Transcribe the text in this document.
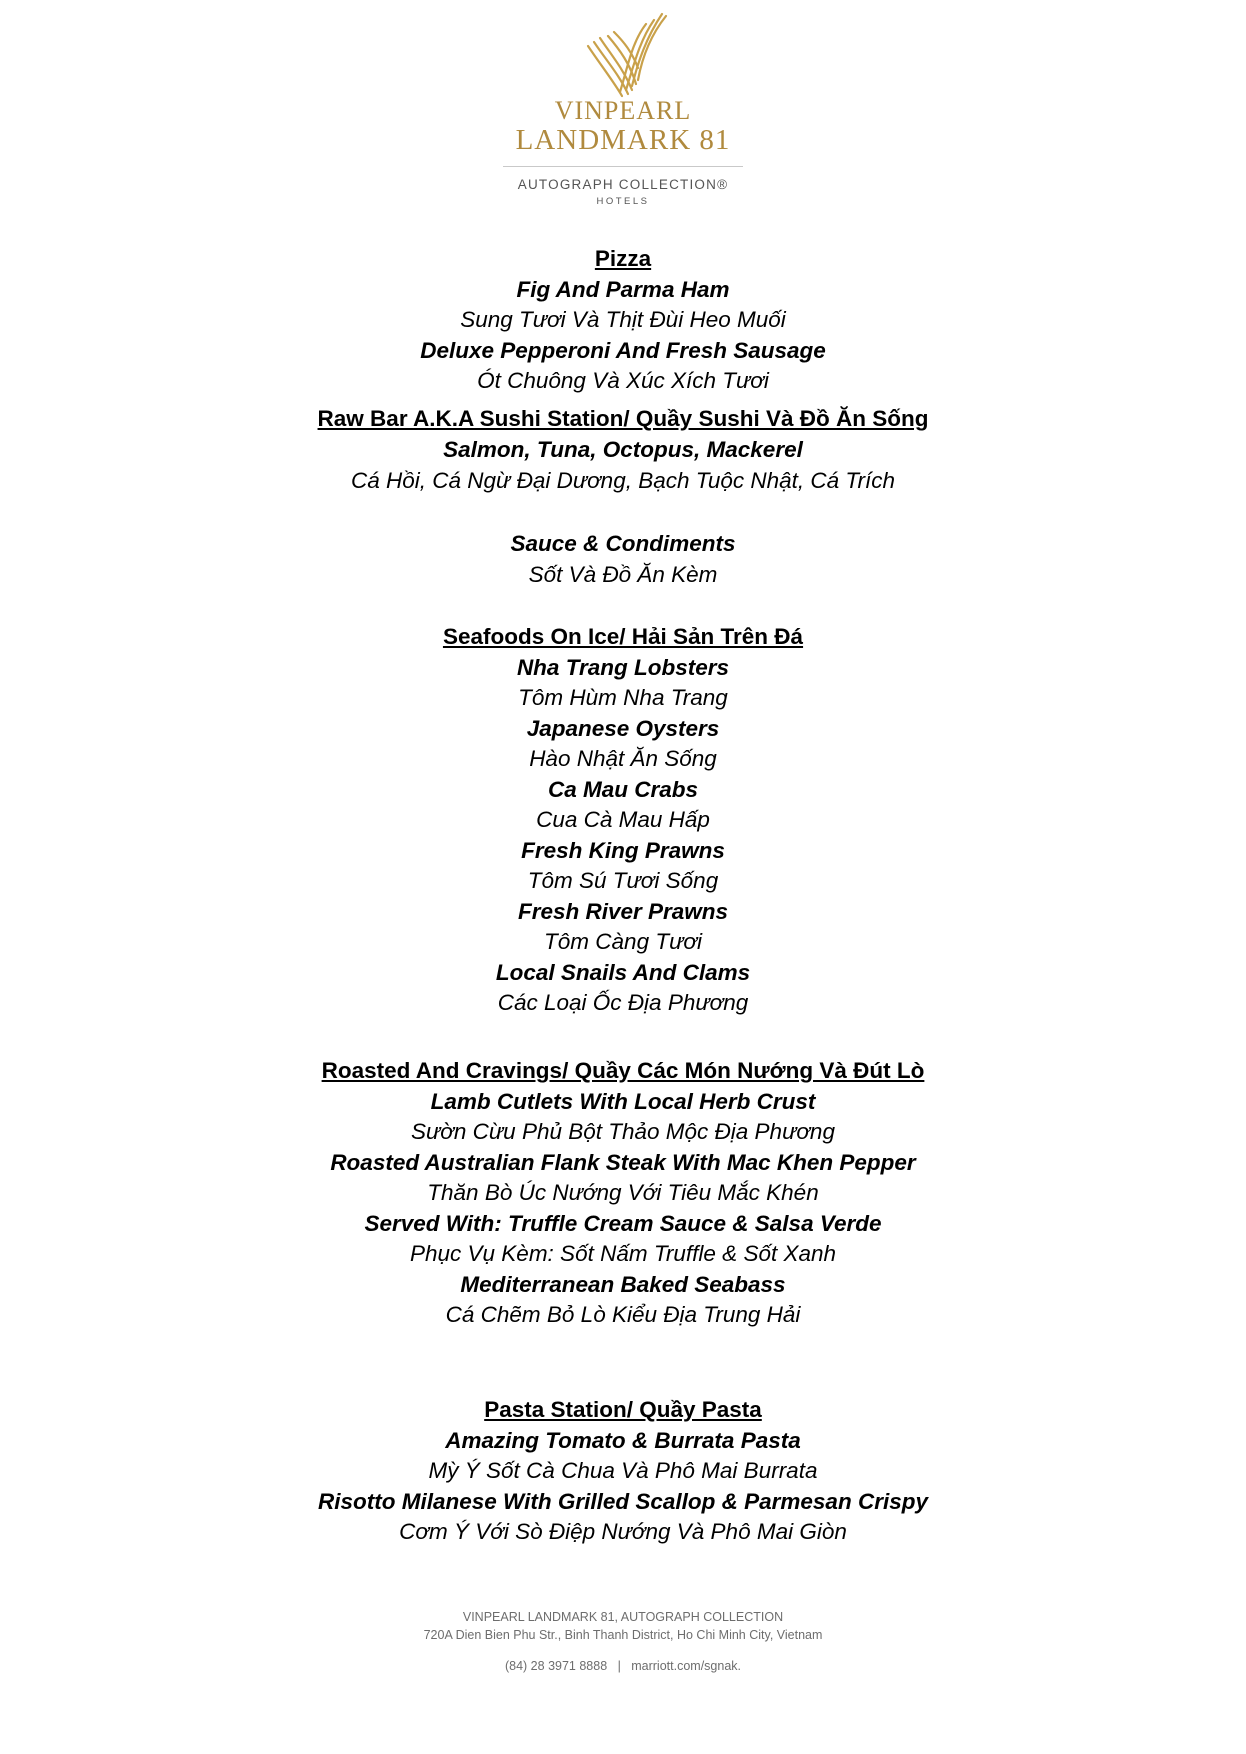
VINPEARL
LANDMARK 81
AUTOGRAPH COLLECTION®
HOTELS
Pizza
Fig And Parma Ham
Sung Tươi Và Thịt Đùi Heo Muối
Deluxe Pepperoni And Fresh Sausage
Ót Chuông Và Xúc Xích Tươi
Raw Bar A.K.A Sushi Station/ Quầy Sushi Và Đồ Ăn Sống
Salmon, Tuna, Octopus, Mackerel
Cá Hồi, Cá Ngừ Đại Dương, Bạch Tuộc Nhật, Cá Trích
Sauce & Condiments
Sốt Và Đồ Ăn Kèm
Seafoods On Ice/ Hải Sản Trên Đá
Nha Trang Lobsters
Tôm Hùm Nha Trang
Japanese Oysters
Hào Nhật Ăn Sống
Ca Mau Crabs
Cua Cà Mau Hấp
Fresh King Prawns
Tôm Sú Tươi Sống
Fresh River Prawns
Tôm Càng Tươi
Local Snails And Clams
Các Loại Ốc Địa Phương
Roasted And Cravings/ Quầy Các Món Nướng Và Đút Lò
Lamb Cutlets With Local Herb Crust
Sườn Cừu Phủ Bột Thảo Mộc Địa Phương
Roasted Australian Flank Steak With Mac Khen Pepper
Thăn Bò Úc Nướng Với Tiêu Mắc Khén
Served With: Truffle Cream Sauce & Salsa Verde
Phục Vụ Kèm: Sốt Nấm Truffle & Sốt Xanh
Mediterranean Baked Seabass
Cá Chẽm Bỏ Lò Kiểu Địa Trung Hải
Pasta Station/ Quầy Pasta
Amazing Tomato & Burrata Pasta
Mỳ Ý Sốt Cà Chua Và Phô Mai Burrata
Risotto Milanese With Grilled Scallop & Parmesan Crispy
Cơm Ý Với Sò Điệp Nướng Và Phô Mai Giòn
VINPEARL LANDMARK 81, AUTOGRAPH COLLECTION
720A Dien Bien Phu Str., Binh Thanh District, Ho Chi Minh City, Vietnam
(84) 28 3971 8888   |   marriott.com/sgnak.
